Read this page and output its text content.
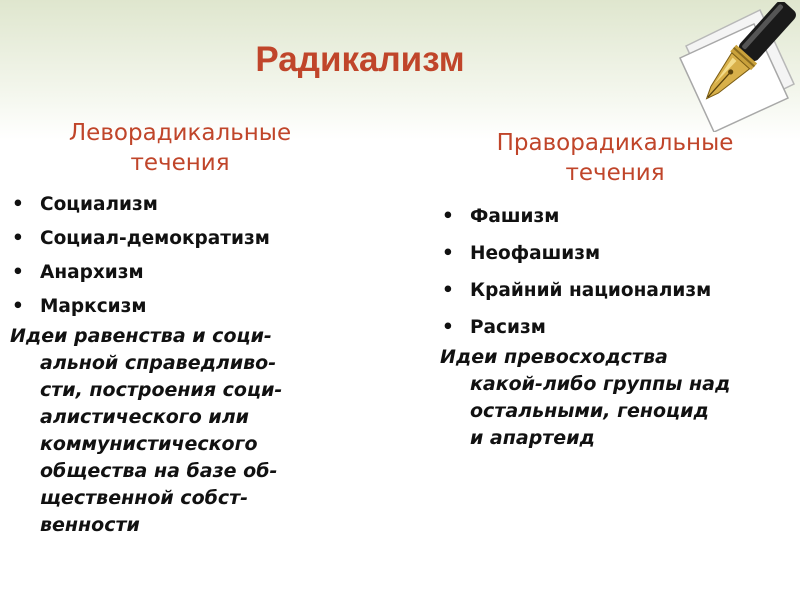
Радикализм
Леворадикальные
течения
• Социализм
• Социал-демократизм
• Анархизм
• Марксизм
Идеи равенства и соци-
альной справедливо-
сти, построения соци-
алистического или
коммунистического
общества на базе об-
щественной собст-
венности
Праворадикальные
течения
• Фашизм
• Неофашизм
• Крайний национализм
• Расизм
Идеи превосходства
какой-либо группы над
остальными, геноцид
и апартеид
